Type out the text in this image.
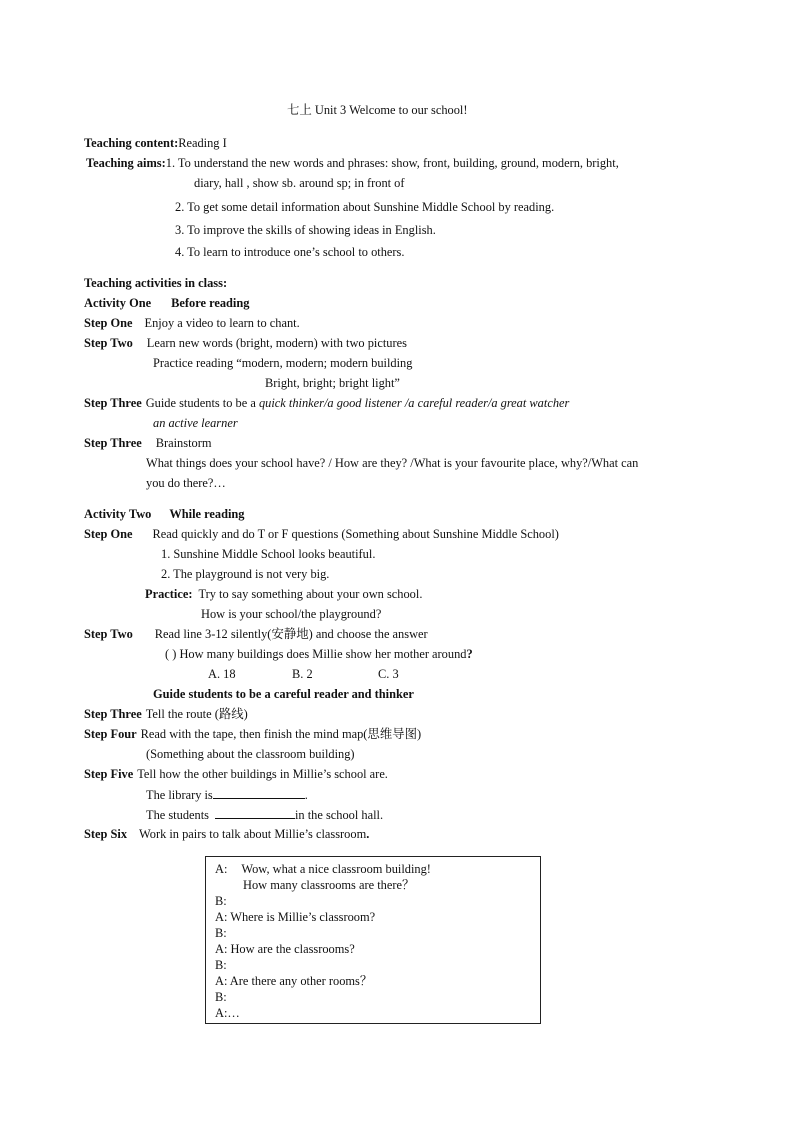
七上 Unit 3 Welcome to our school!
Teaching content:Reading I
Teaching aims:1. To understand the new words and phrases: show, front, building, ground, modern, bright,
diary, hall , show sb. around sp; in front of
2. To get some detail information about Sunshine Middle School by reading.
3. To improve the skills of showing ideas in English.
4. To learn to introduce one’s school to others.
Teaching activities in class:
Activity One Before reading
Step One Enjoy a video to learn to chant.
Step Two Learn new words (bright, modern) with two pictures
Practice reading “modern, modern; modern building
Bright, bright; bright light”
Step Three Guide students to be a quick thinker/a good listener /a careful reader/a great watcher
an active learner
Step Three Brainstorm
What things does your school have? / How are they? /What is your favourite place, why?/What can
you do there?…
Activity Two While reading
Step One Read quickly and do T or F questions (Something about Sunshine Middle School)
1. Sunshine Middle School looks beautiful.
2. The playground is not very big.
Practice: Try to say something about your own school.
How is your school/the playground?
Step Two Read line 3-12 silently(安静地) and choose the answer
( ) How many buildings does Millie show her mother around?
A. 18	B. 2	C. 3
Guide students to be a careful reader and thinker
Step Three Tell the route (路线)
Step Four Read with the tape, then finish the mind map(思维导图)
(Something about the classroom building)
Step Five Tell how the other buildings in Millie’s school are.
The library is	.
The students	in the school hall.
Step Six Work in pairs to talk about Millie’s classroom.
A: Wow, what a nice classroom building!
How many classrooms are there？
B:
A: Where is Millie’s classroom?
B:
A: How are the classrooms?
B:
A: Are there any other rooms？
B:
A:…
